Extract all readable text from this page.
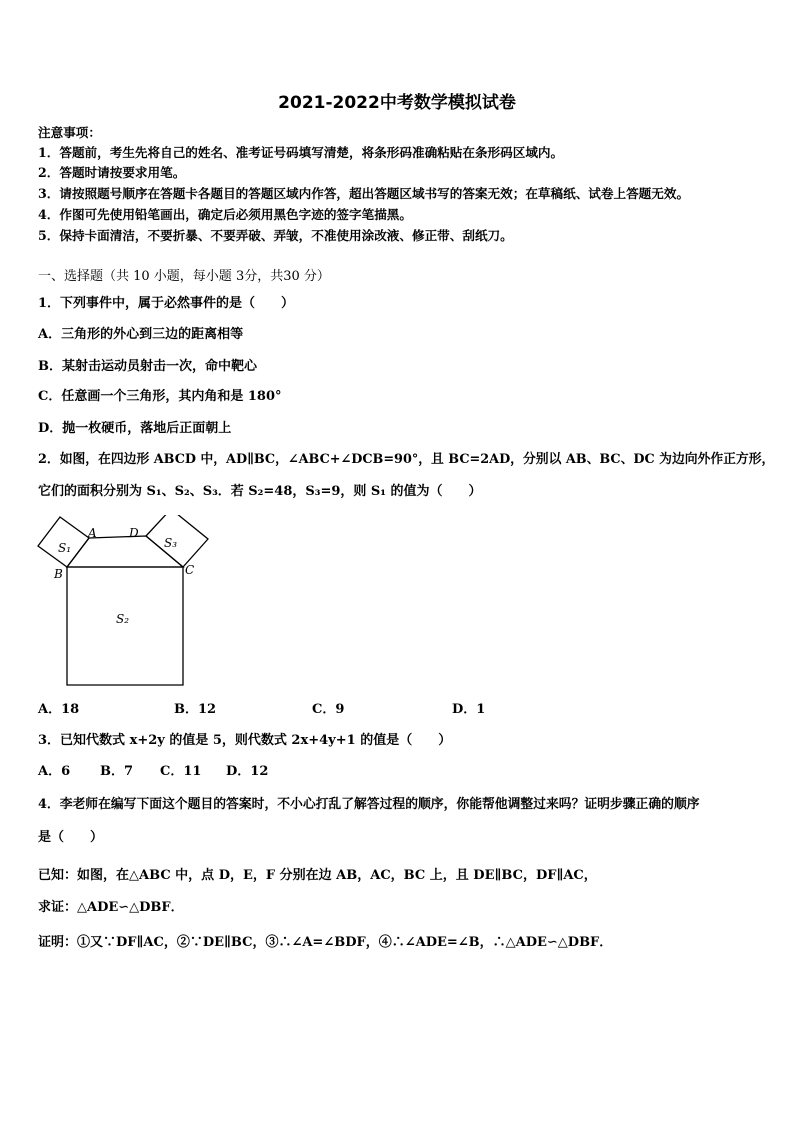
2021-2022中考数学模拟试卷
注意事项：
1．答题前，考生先将自己的姓名、准考证号码填写清楚，将条形码准确粘贴在条形码区域内。
2．答题时请按要求用笔。
3．请按照题号顺序在答题卡各题目的答题区域内作答，超出答题区域书写的答案无效；在草稿纸、试卷上答题无效。
4．作图可先使用铅笔画出，确定后必须用黑色字迹的签字笔描黑。
5．保持卡面清洁，不要折暴、不要弄破、弄皱，不准使用涂改液、修正带、刮纸刀。
一、选择题（共 10 小题，每小题 3分，共30 分）
1．下列事件中，属于必然事件的是（　　）
A．三角形的外心到三边的距离相等
B．某射击运动员射击一次，命中靶心
C．任意画一个三角形，其内角和是 180°
D．抛一枚硬币，落地后正面朝上
2．如图，在四边形 ABCD 中，AD∥BC，∠ABC+∠DCB=90°，且 BC=2AD，分别以 AB、BC、DC 为边向外作正方形，
它们的面积分别为 S₁、S₂、S₃．若 S₂=48，S₃=9，则 S₁ 的值为（　　）
A
B	C
D
S₁
S₂
S₃
A．18	B．12	C．9	D．1
3．已知代数式 x+2y 的值是 5，则代数式 2x+4y+1 的值是（　　）
A．6 B．7 C．11 D．12
4．李老师在编写下面这个题目的答案时，不小心打乱了解答过程的顺序，你能帮他调整过来吗？证明步骤正确的顺序
是（　　）
已知：如图，在△ABC 中，点 D，E，F 分别在边 AB，AC，BC 上，且 DE∥BC，DF∥AC，
求证：△ADE∽△DBF．
证明：①又∵DF∥AC，②∵DE∥BC，③∴∠A=∠BDF，④∴∠ADE=∠B，∴△ADE∽△DBF．
